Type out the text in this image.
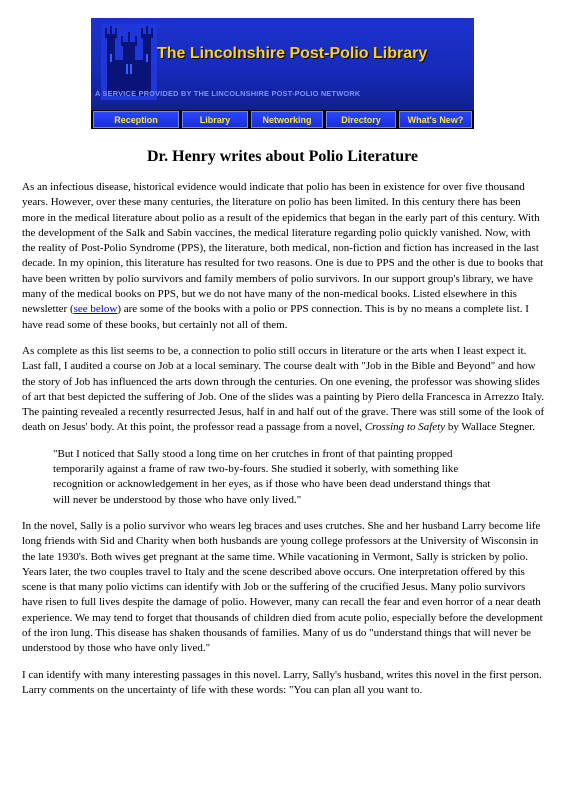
The Lincolnshire Post-Polio Library
A SERVICE PROVIDED BY THE LINCOLNSHIRE POST-POLIO NETWORK
Reception	Library	Networking	Directory	What's New?
Dr. Henry writes about Polio Literature

As an infectious disease, historical evidence would indicate that polio has been in existence for over five thousand years. However, over these many centuries, the literature on polio has been limited. In this century there has been more in the medical literature about polio as a result of the epidemics that began in the early part of this century. With the development of the Salk and Sabin vaccines, the medical literature regarding polio quickly vanished. Now, with the reality of Post-Polio Syndrome (PPS), the literature, both medical, non-fiction and fiction has increased in the last decade. In my opinion, this literature has resulted for two reasons. One is due to PPS and the other is due to books that have been written by polio survivors and family members of polio survivors. In our support group's library, we have many of the medical books on PPS, but we do not have many of the non-medical books. Listed elsewhere in this newsletter (see below) are some of the books with a polio or PPS connection. This is by no means a complete list. I have read some of these books, but certainly not all of them.

As complete as this list seems to be, a connection to polio still occurs in literature or the arts when I least expect it. Last fall, I audited a course on Job at a local seminary. The course dealt with "Job in the Bible and Beyond" and how the story of Job has influenced the arts down through the centuries. On one evening, the professor was showing slides of art that best depicted the suffering of Job. One of the slides was a painting by Piero della Francesca in Arrezzo Italy. The painting revealed a recently resurrected Jesus, half in and half out of the grave. There was still some of the look of death on Jesus' body. At this point, the professor read a passage from a novel, Crossing to Safety by Wallace Stegner.

"But I noticed that Sally stood a long time on her crutches in front of that painting propped temporarily against a frame of raw two-by-fours. She studied it soberly, with something like recognition or acknowledgement in her eyes, as if those who have been dead understand things that will never be understood by those who have only lived."

In the novel, Sally is a polio survivor who wears leg braces and uses crutches. She and her husband Larry become life long friends with Sid and Charity when both husbands are young college professors at the University of Wisconsin in the late 1930's. Both wives get pregnant at the same time. While vacationing in Vermont, Sally is stricken by polio. Years later, the two couples travel to Italy and the scene described above occurs. One interpretation offered by this scene is that many polio victims can identify with Job or the suffering of the crucified Jesus. Many polio survivors have risen to full lives despite the damage of polio. However, many can recall the fear and even horror of a near death experience. We may tend to forget that thousands of children died from acute polio, especially before the development of the iron lung. This disease has shaken thousands of families. Many of us do "understand things that will never be understood by those who have only lived."

I can identify with many interesting passages in this novel. Larry, Sally's husband, writes this novel in the first person. Larry comments on the uncertainty of life with these words: "You can plan all you want to.
